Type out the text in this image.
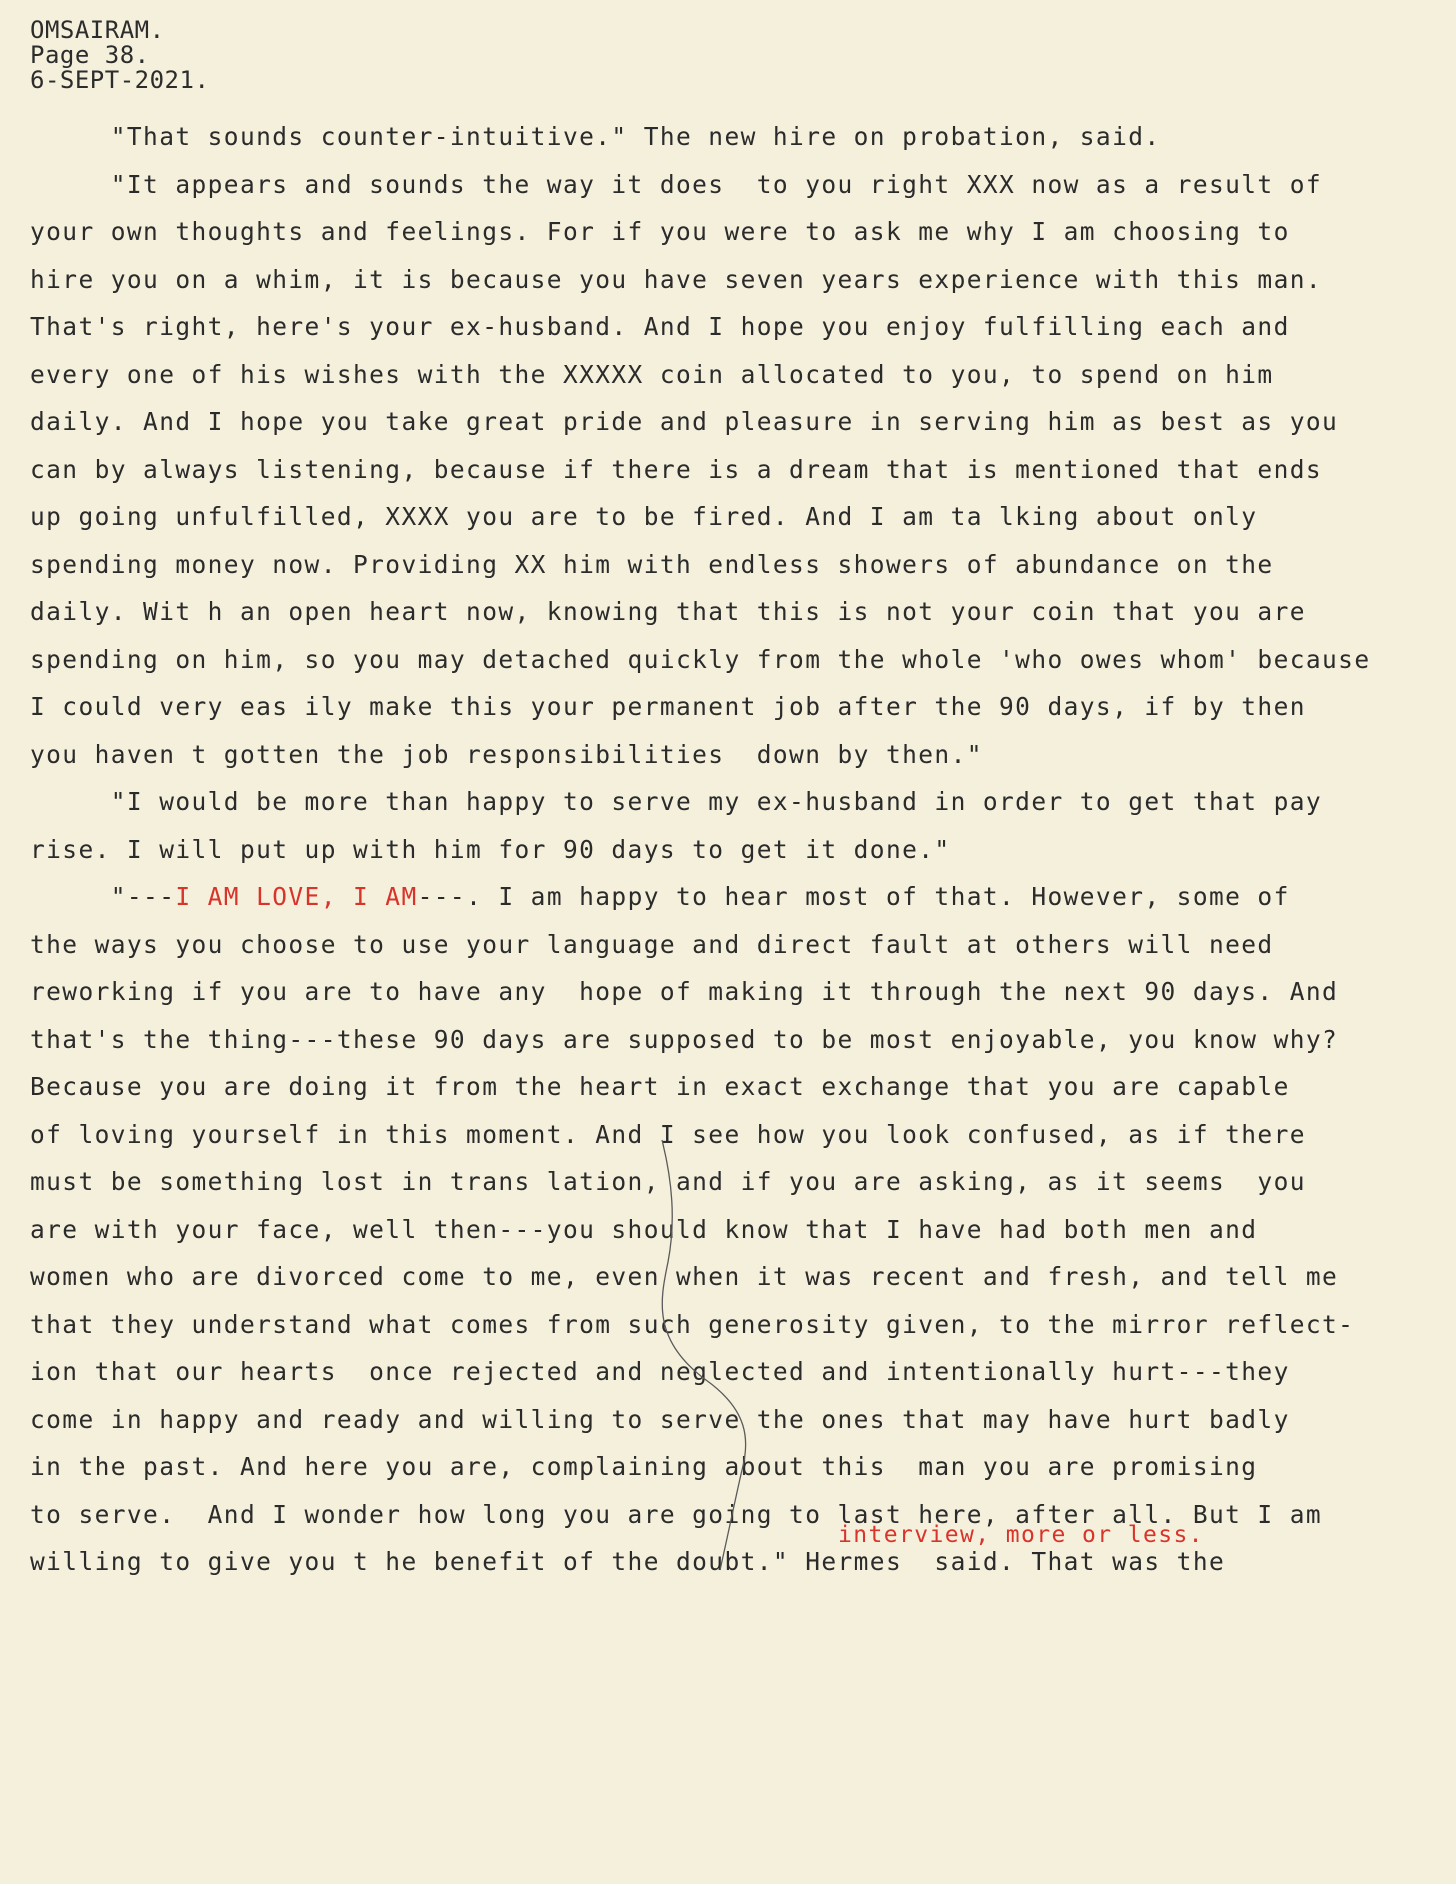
OMSAIRAM.
Page 38.
6-SEPT-2021.
"That sounds counter-intuitive." The new hire on probation, said.
"It appears and sounds the way it does  to you right XXX now as a result of
your own thoughts and feelings. For if you were to ask me why I am choosing to
hire you on a whim, it is because you have seven years experience with this man.
That's right, here's your ex-husband. And I hope you enjoy fulfilling each and
every one of his wishes with the XXXXX coin allocated to you, to spend on him
daily. And I hope you take great pride and pleasure in serving him as best as you
can by always listening, because if there is a dream that is mentioned that ends
up going unfulfilled, XXXX you are to be fired. And I am ta lking about only
spending money now. Providing XX him with endless showers of abundance on the
daily. Wit h an open heart now, knowing that this is not your coin that you are
spending on him, so you may detached quickly from the whole 'who owes whom' because
I could very eas ily make this your permanent job after the 90 days, if by then
you haven t gotten the job responsibilities  down by then."
"I would be more than happy to serve my ex-husband in order to get that pay
rise. I will put up with him for 90 days to get it done."
"---I AM LOVE, I AM---. I am happy to hear most of that. However, some of
the ways you choose to use your language and direct fault at others will need
reworking if you are to have any  hope of making it through the next 90 days. And
that's the thing---these 90 days are supposed to be most enjoyable, you know why?
Because you are doing it from the heart in exact exchange that you are capable
of loving yourself in this moment. And I see how you look confused, as if there
must be something lost in trans lation, and if you are asking, as it seems  you
are with your face, well then---you should know that I have had both men and
women who are divorced come to me, even when it was recent and fresh, and tell me
that they understand what comes from such generosity given, to the mirror reflect-
ion that our hearts  once rejected and neglected and intentionally hurt---they
come in happy and ready and willing to serve the ones that may have hurt badly
in the past. And here you are, complaining about this  man you are promising
to serve.  And I wonder how long you are going to last here, after all. But I am
interview, more or less.
willing to give you t he benefit of the doubt." Hermes  said. That was the
